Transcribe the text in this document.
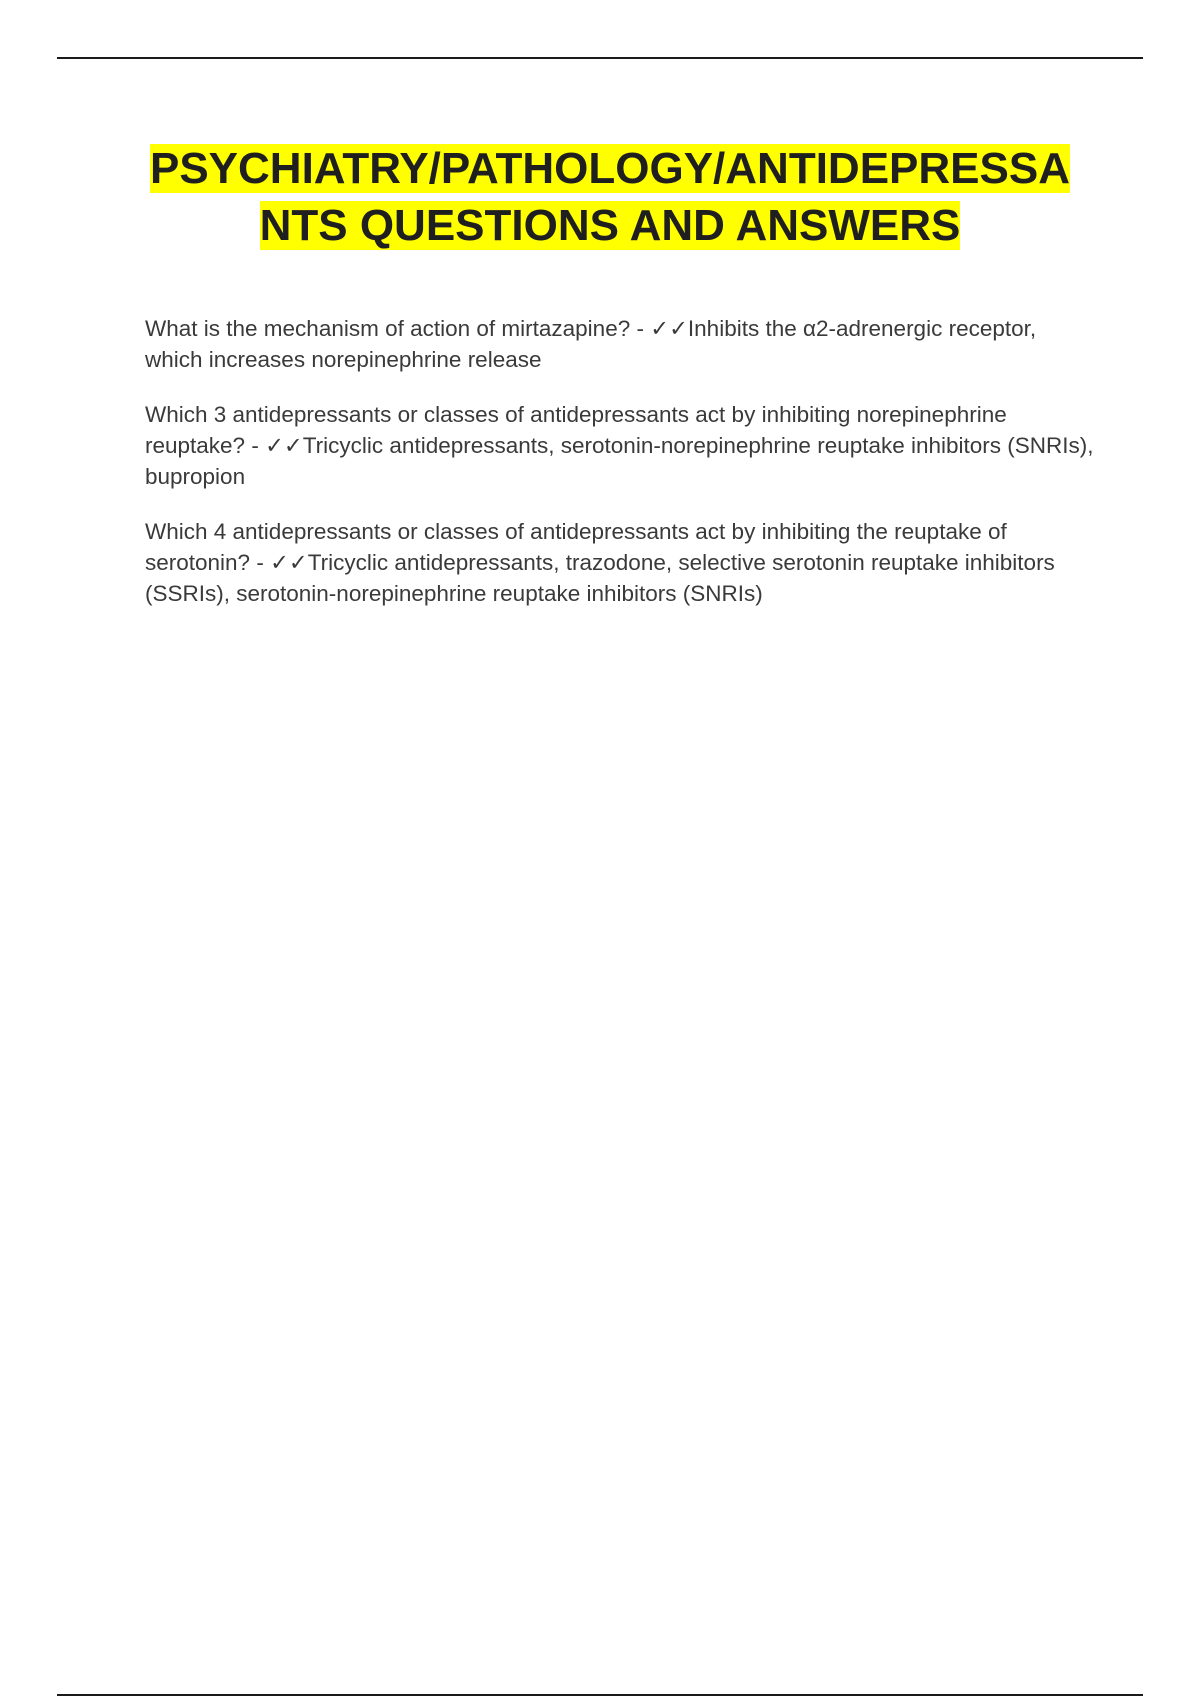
PSYCHIATRY/PATHOLOGY/ANTIDEPRESSANTS QUESTIONS AND ANSWERS

What is the mechanism of action of mirtazapine? - ✓✓Inhibits the α2-adrenergic receptor, which increases norepinephrine release

Which 3 antidepressants or classes of antidepressants act by inhibiting norepinephrine reuptake? - ✓✓Tricyclic antidepressants, serotonin-norepinephrine reuptake inhibitors (SNRIs), bupropion

Which 4 antidepressants or classes of antidepressants act by inhibiting the reuptake of serotonin? - ✓✓Tricyclic antidepressants, trazodone, selective serotonin reuptake inhibitors (SSRIs), serotonin-norepinephrine reuptake inhibitors (SNRIs)
